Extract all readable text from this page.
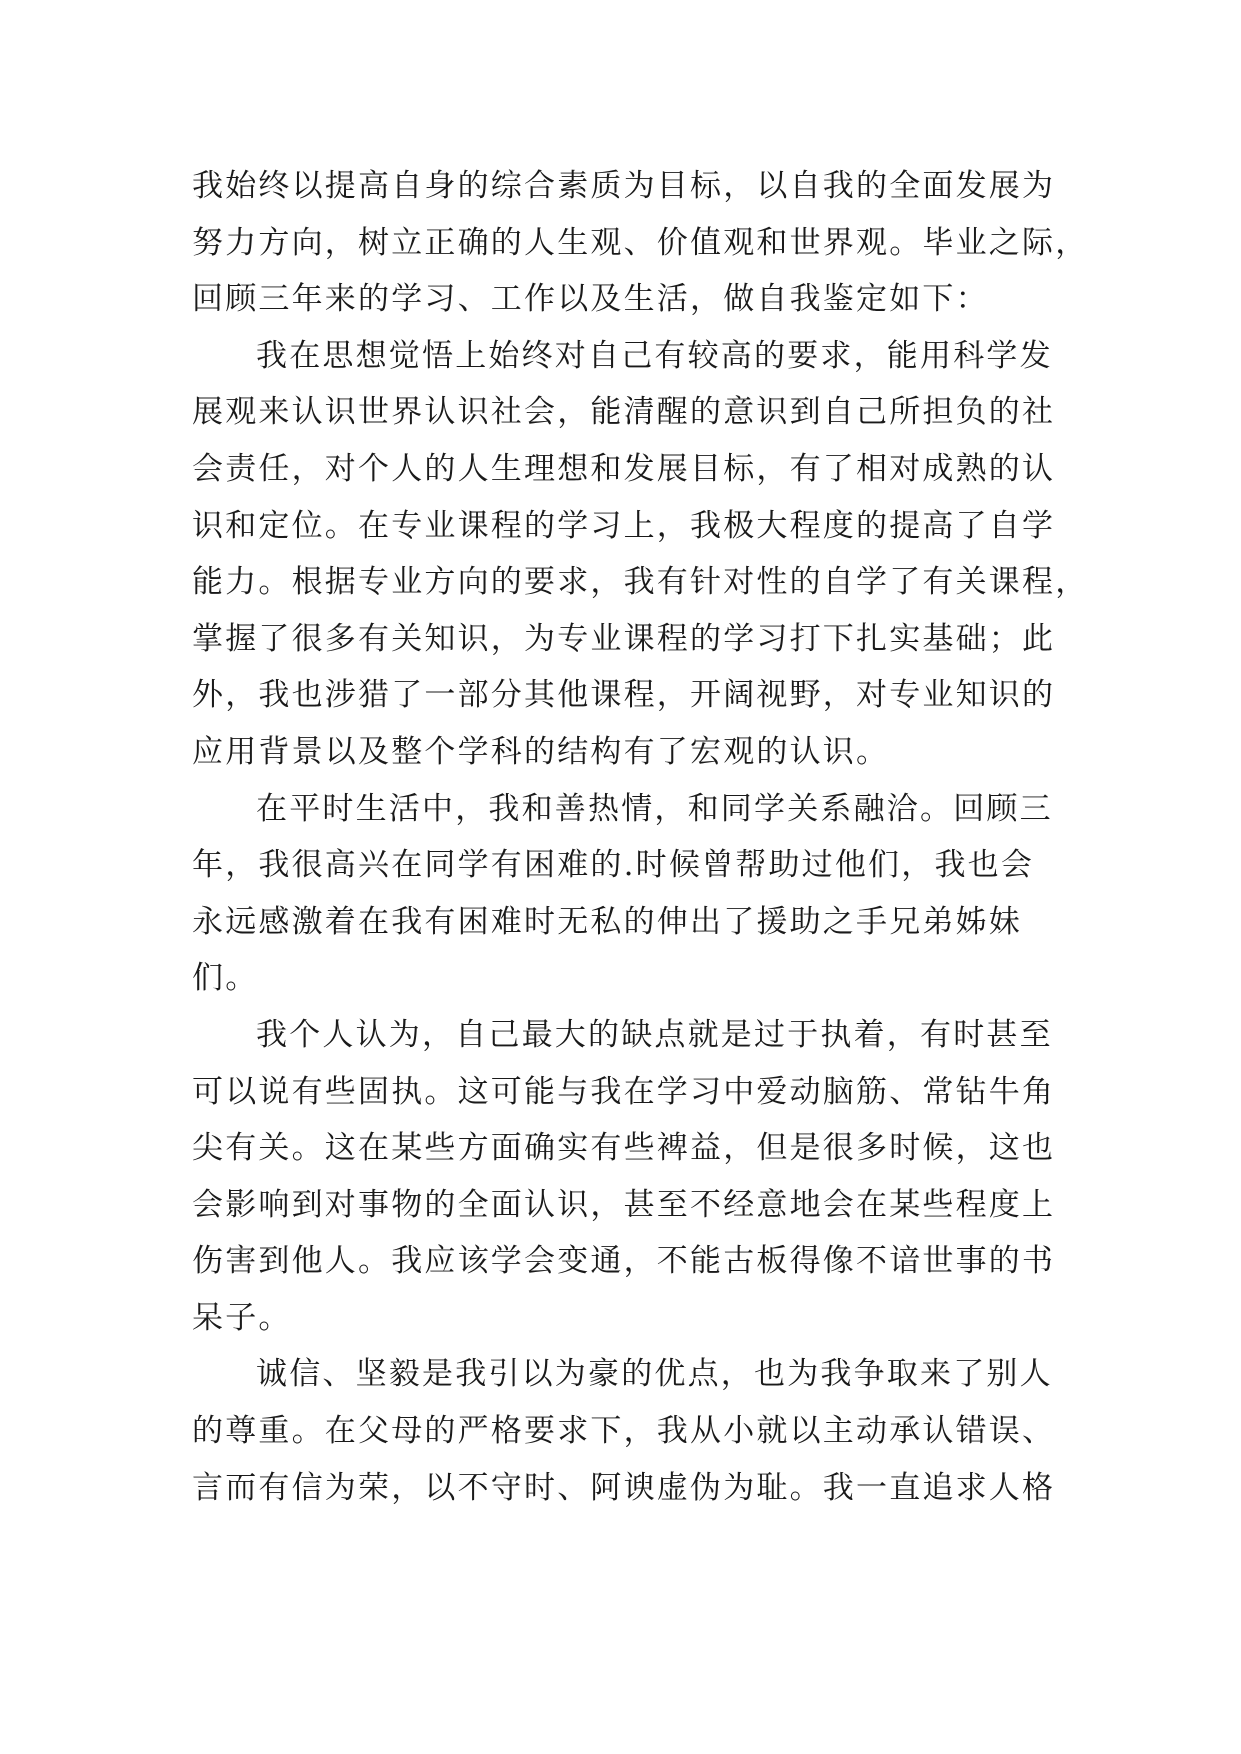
我始终以提高自身的综合素质为目标，以自我的全面发展为
努力方向，树立正确的人生观、价值观和世界观。毕业之际，
回顾三年来的学习、工作以及生活，做自我鉴定如下：
我在思想觉悟上始终对自己有较高的要求，能用科学发
展观来认识世界认识社会，能清醒的意识到自己所担负的社
会责任，对个人的人生理想和发展目标，有了相对成熟的认
识和定位。在专业课程的学习上，我极大程度的提高了自学
能力。根据专业方向的要求，我有针对性的自学了有关课程，
掌握了很多有关知识，为专业课程的学习打下扎实基础；此
外，我也涉猎了一部分其他课程，开阔视野，对专业知识的
应用背景以及整个学科的结构有了宏观的认识。
在平时生活中，我和善热情，和同学关系融洽。回顾三
年，我很高兴在同学有困难的.时候曾帮助过他们，我也会
永远感激着在我有困难时无私的伸出了援助之手兄弟姊妹
们。
我个人认为，自己最大的缺点就是过于执着，有时甚至
可以说有些固执。这可能与我在学习中爱动脑筋、常钻牛角
尖有关。这在某些方面确实有些裨益，但是很多时候，这也
会影响到对事物的全面认识，甚至不经意地会在某些程度上
伤害到他人。我应该学会变通，不能古板得像不谙世事的书
呆子。
诚信、坚毅是我引以为豪的优点，也为我争取来了别人
的尊重。在父母的严格要求下，我从小就以主动承认错误、
言而有信为荣，以不守时、阿谀虚伪为耻。我一直追求人格
